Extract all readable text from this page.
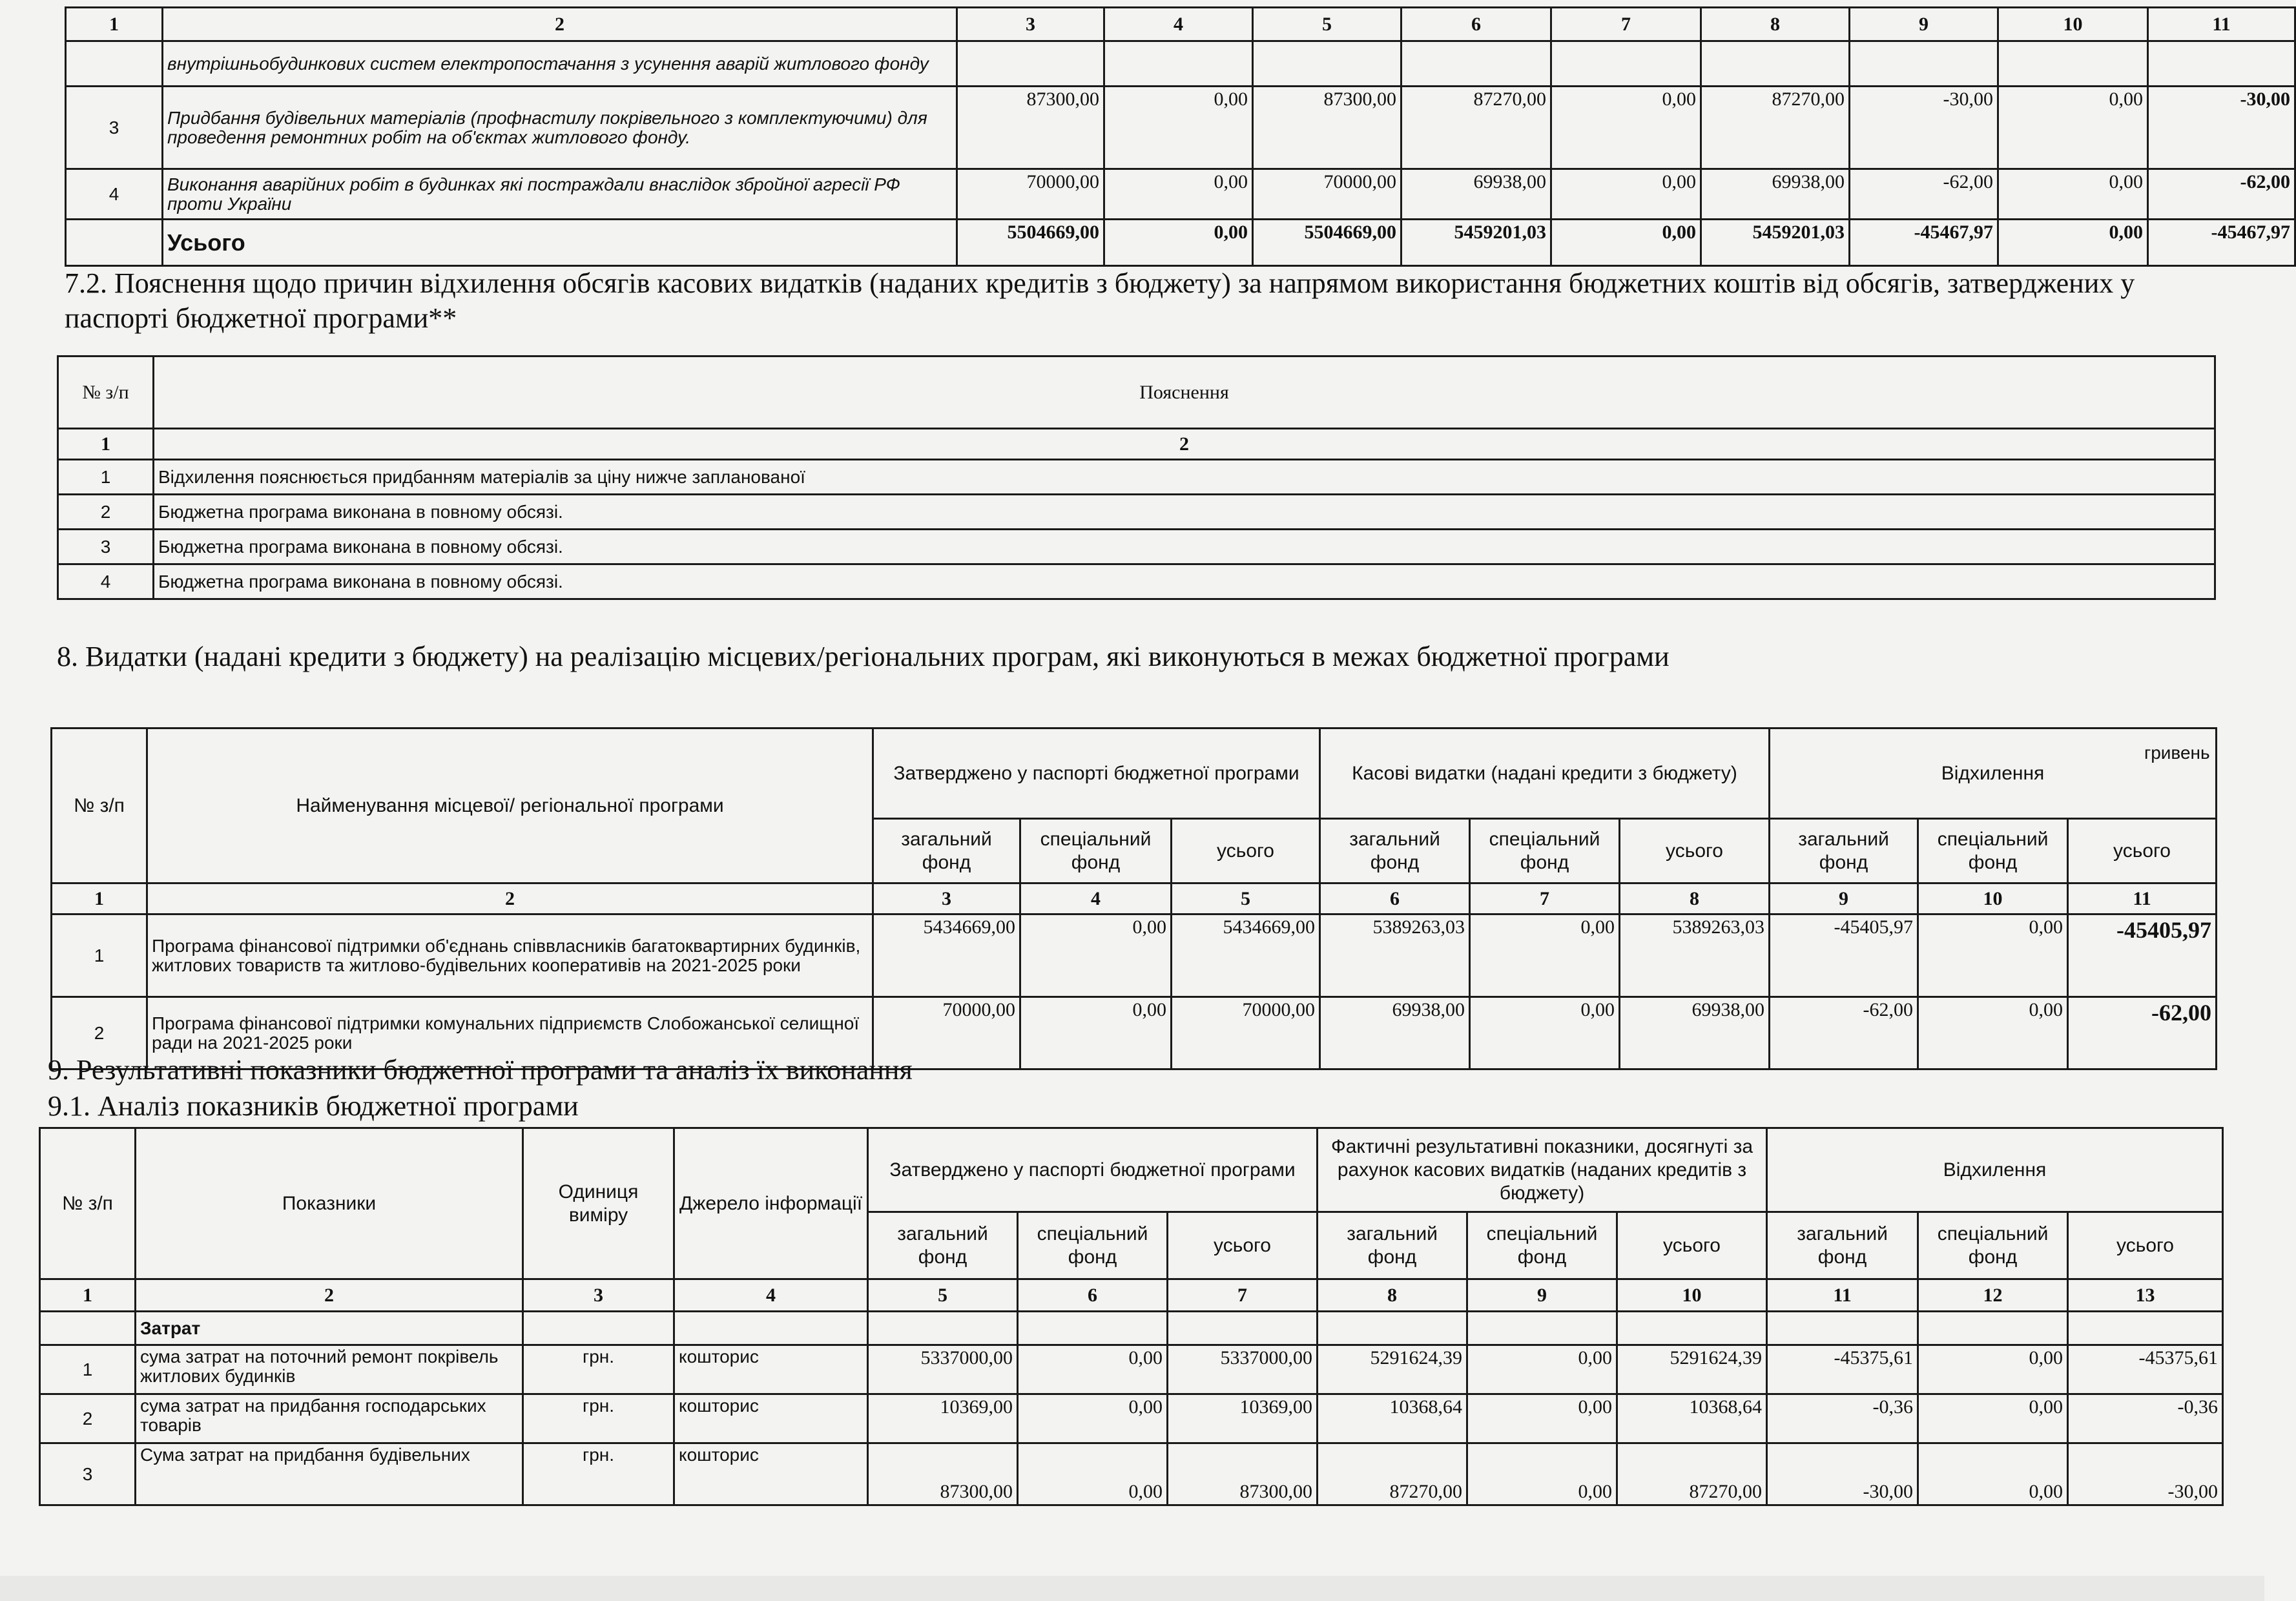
1	2	3	4	5	6	7	8	9	10	11
	внутрішньобудинкових систем електропостачання з усунення аварій житлового фонду									
3	Придбання будівельних матеріалів (профнастилу покрівельного з комплектуючими) для проведення ремонтних робіт на об'єктах житлового фонду.	87300,00	0,00	87300,00	87270,00	0,00	87270,00	-30,00	0,00	-30,00
4	Виконання аварійних робіт в будинках які постраждали внаслідок збройної агресії РФ проти України	70000,00	0,00	70000,00	69938,00	0,00	69938,00	-62,00	0,00	-62,00
	Усього	5504669,00	0,00	5504669,00	5459201,03	0,00	5459201,03	-45467,97	0,00	-45467,97
7.2. Пояснення щодо причин відхилення обсягів касових видатків (наданих кредитів з бюджету) за напрямом використання бюджетних коштів від обсягів, затверджених у паспорті бюджетної програми**
№ з/п	Пояснення
1	2
1	Відхилення пояснюється придбанням матеріалів за ціну нижче запланованої
2	Бюджетна програма виконана в повному обсязі.
3	Бюджетна програма виконана в повному обсязі.
4	Бюджетна програма виконана в повному обсязі.
8. Видатки (надані кредити з бюджету) на реалізацію місцевих/регіональних програм, які виконуються в межах бюджетної програми
гривень
№ з/п	Найменування місцевої/ регіональної програми	Затверджено у паспорті бюджетної програми			Касові видатки (надані кредити з бюджету)			Відхилення		
		загальний фонд	спеціальний фонд	усього	загальний фонд	спеціальний фонд	усього	загальний фонд	спеціальний фонд	усього
1	2	3	4	5	6	7	8	9	10	11
1	Програма фінансової підтримки об'єднань співвласників багатоквартирних будинків, житлових товариств та житлово-будівельних кооперативів на 2021-2025 роки	5434669,00	0,00	5434669,00	5389263,03	0,00	5389263,03	-45405,97	0,00	-45405,97
2	Програма фінансової підтримки комунальних підприємств Слобожанської селищної ради на 2021-2025 роки	70000,00	0,00	70000,00	69938,00	0,00	69938,00	-62,00	0,00	-62,00
9. Результативні показники бюджетної програми та аналіз їх виконання
9.1. Аналіз показників бюджетної програми
№ з/п	Показники	Одиниця виміру	Джерело інформації	Затверджено у паспорті бюджетної програми			Фактичні результативні показники, досягнуті за рахунок касових видатків (наданих кредитів з бюджету)			Відхилення		
				загальний фонд	спеціальний фонд	усього	загальний фонд	спеціальний фонд	усього	загальний фонд	спеціальний фонд	усього
1	2	3	4	5	6	7	8	9	10	11	12	13
	Затрат											
1	сума затрат на поточний ремонт покрівель житлових будинків	грн.	кошторис	5337000,00	0,00	5337000,00	5291624,39	0,00	5291624,39	-45375,61	0,00	-45375,61
2	сума затрат на придбання господарських товарів	грн.	кошторис	10369,00	0,00	10369,00	10368,64	0,00	10368,64	-0,36	0,00	-0,36
3	Сума затрат на придбання будівельних	грн.	кошторис	87300,00	0,00	87300,00	87270,00	0,00	87270,00	-30,00	0,00	-30,00
